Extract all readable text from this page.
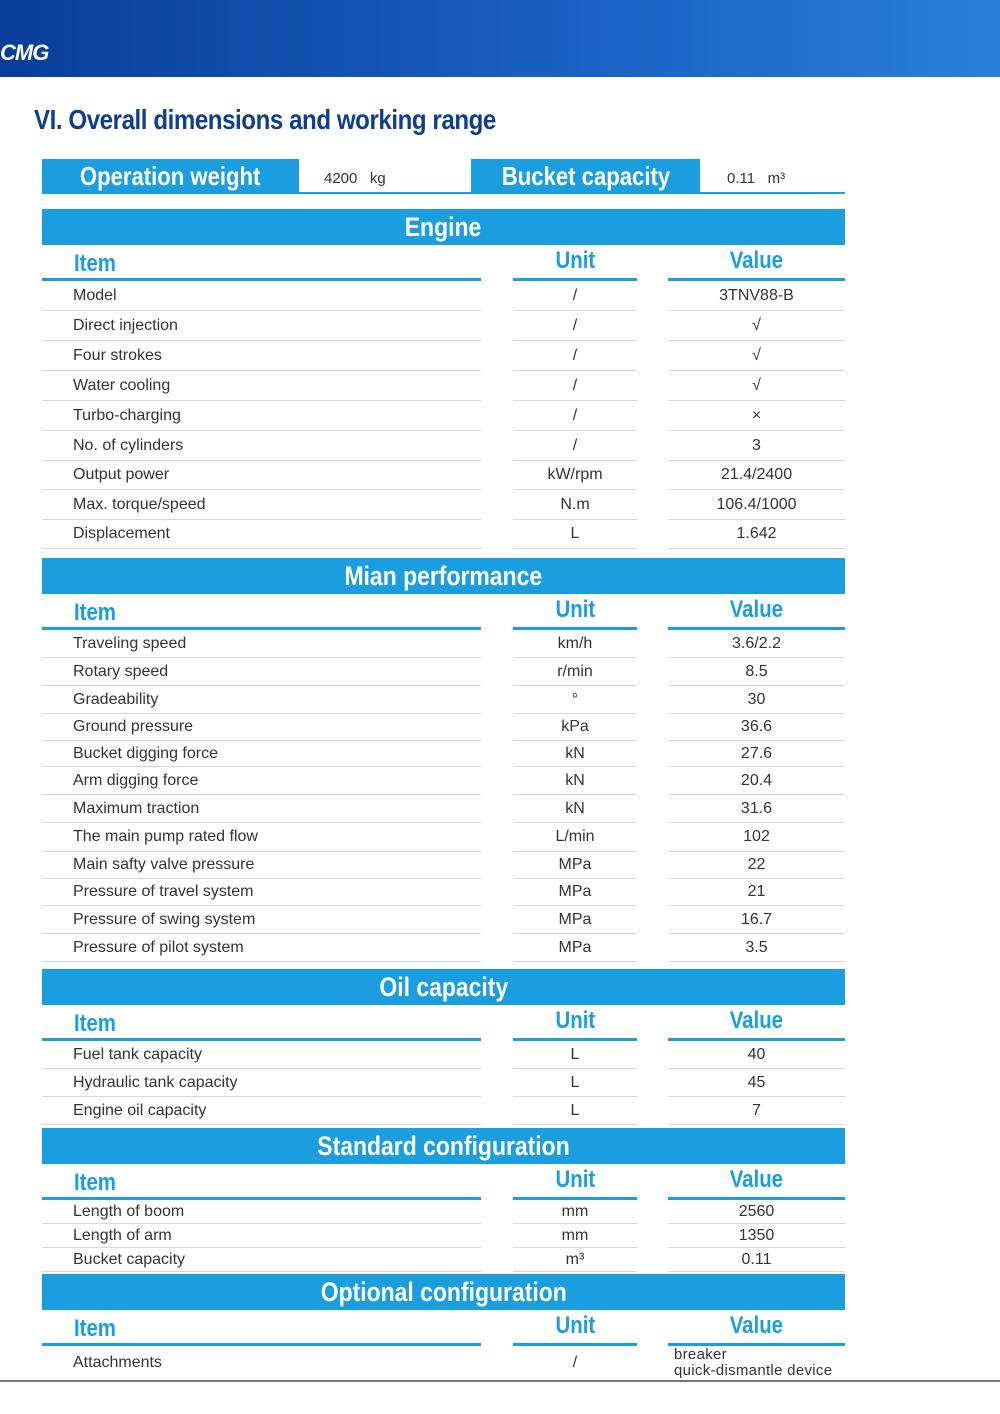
CMG
VI. Overall dimensions and working range
Operation weight	4200   kg	Bucket capacity	0.11   m³
Engine
Item	Unit	Value
Model	/	3TNV88-B
Direct injection	/	√
Four strokes	/	√
Water cooling	/	√
Turbo-charging	/	×
No. of cylinders	/	3
Output power	kW/rpm	21.4/2400
Max. torque/speed	N.m	106.4/1000
Displacement	L	1.642
Mian performance
Item	Unit	Value
Traveling speed	km/h	3.6/2.2
Rotary speed	r/min	8.5
Gradeability	°	30
Ground pressure	kPa	36.6
Bucket digging force	kN	27.6
Arm digging force	kN	20.4
Maximum traction	kN	31.6
The main pump rated flow	L/min	102
Main safty valve pressure	MPa	22
Pressure of travel system	MPa	21
Pressure of swing system	MPa	16.7
Pressure of pilot system	MPa	3.5
Oil capacity
Item	Unit	Value
Fuel tank capacity	L	40
Hydraulic tank capacity	L	45
Engine oil capacity	L	7
Standard configuration
Item	Unit	Value
Length of boom	mm	2560
Length of arm	mm	1350
Bucket capacity	m³	0.11
Optional configuration
Item	Unit	Value
Attachments	/	breaker
quick-dismantle device
